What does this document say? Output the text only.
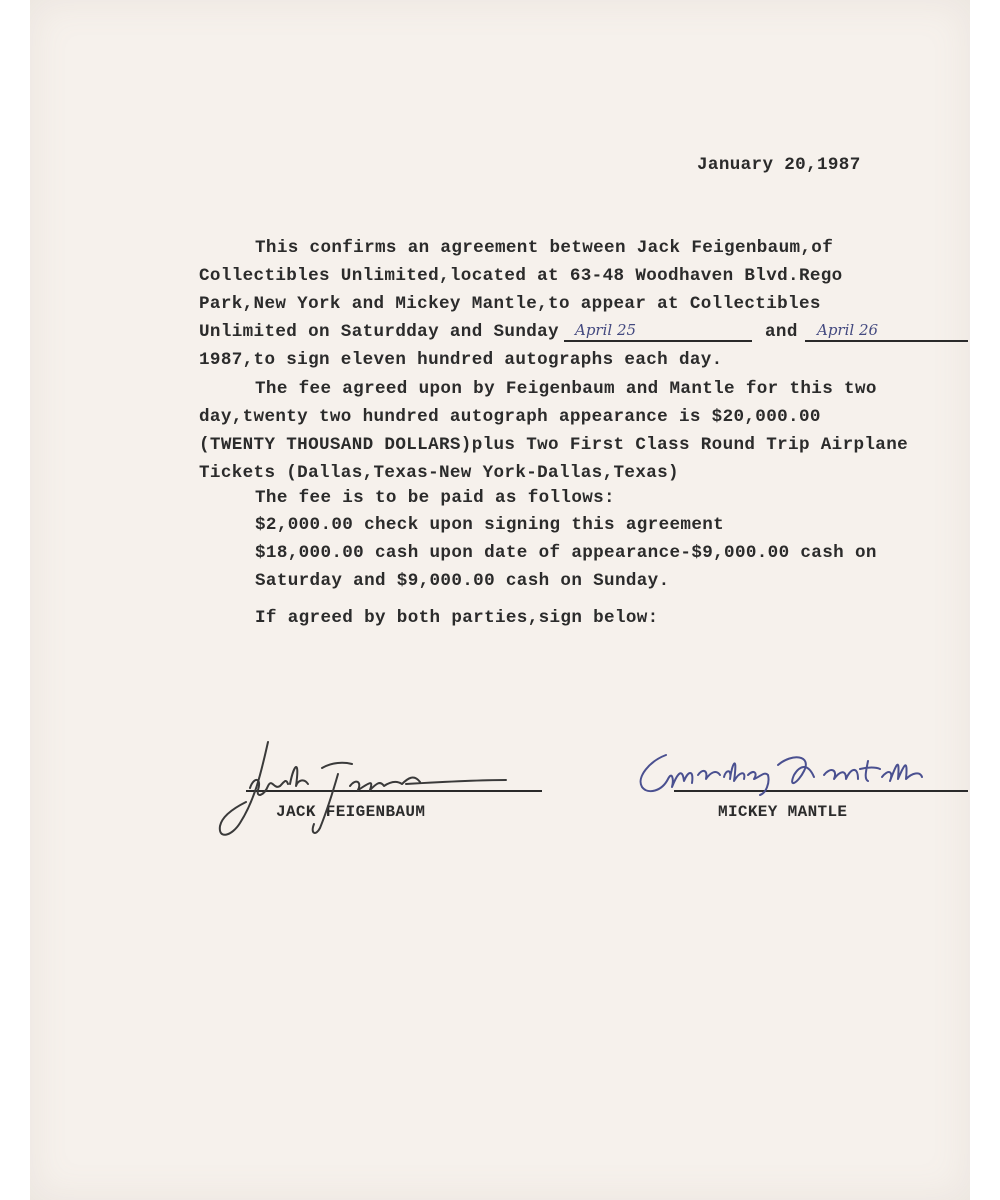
January 20,1987
This confirms an agreement between Jack Feigenbaum,of
Collectibles Unlimited,located at 63-48 Woodhaven Blvd.Rego
Park,New York and Mickey Mantle,to appear at Collectibles
Unlimited on Saturdday and Sunday April 25	and April 26
1987,to sign eleven hundred autographs each day.
The fee agreed upon by Feigenbaum and Mantle for this two
day,twenty two hundred autograph appearance is $20,000.00
(TWENTY THOUSAND DOLLARS)plus Two First Class Round Trip Airplane
Tickets (Dallas,Texas-New York-Dallas,Texas)
The fee is to be paid as follows:
$2,000.00 check upon signing this agreement
$18,000.00 cash upon date of appearance-$9,000.00 cash on
Saturday and $9,000.00 cash on Sunday.
If agreed by both parties,sign below:
JACK FEIGENBAUM	MICKEY MANTLE
